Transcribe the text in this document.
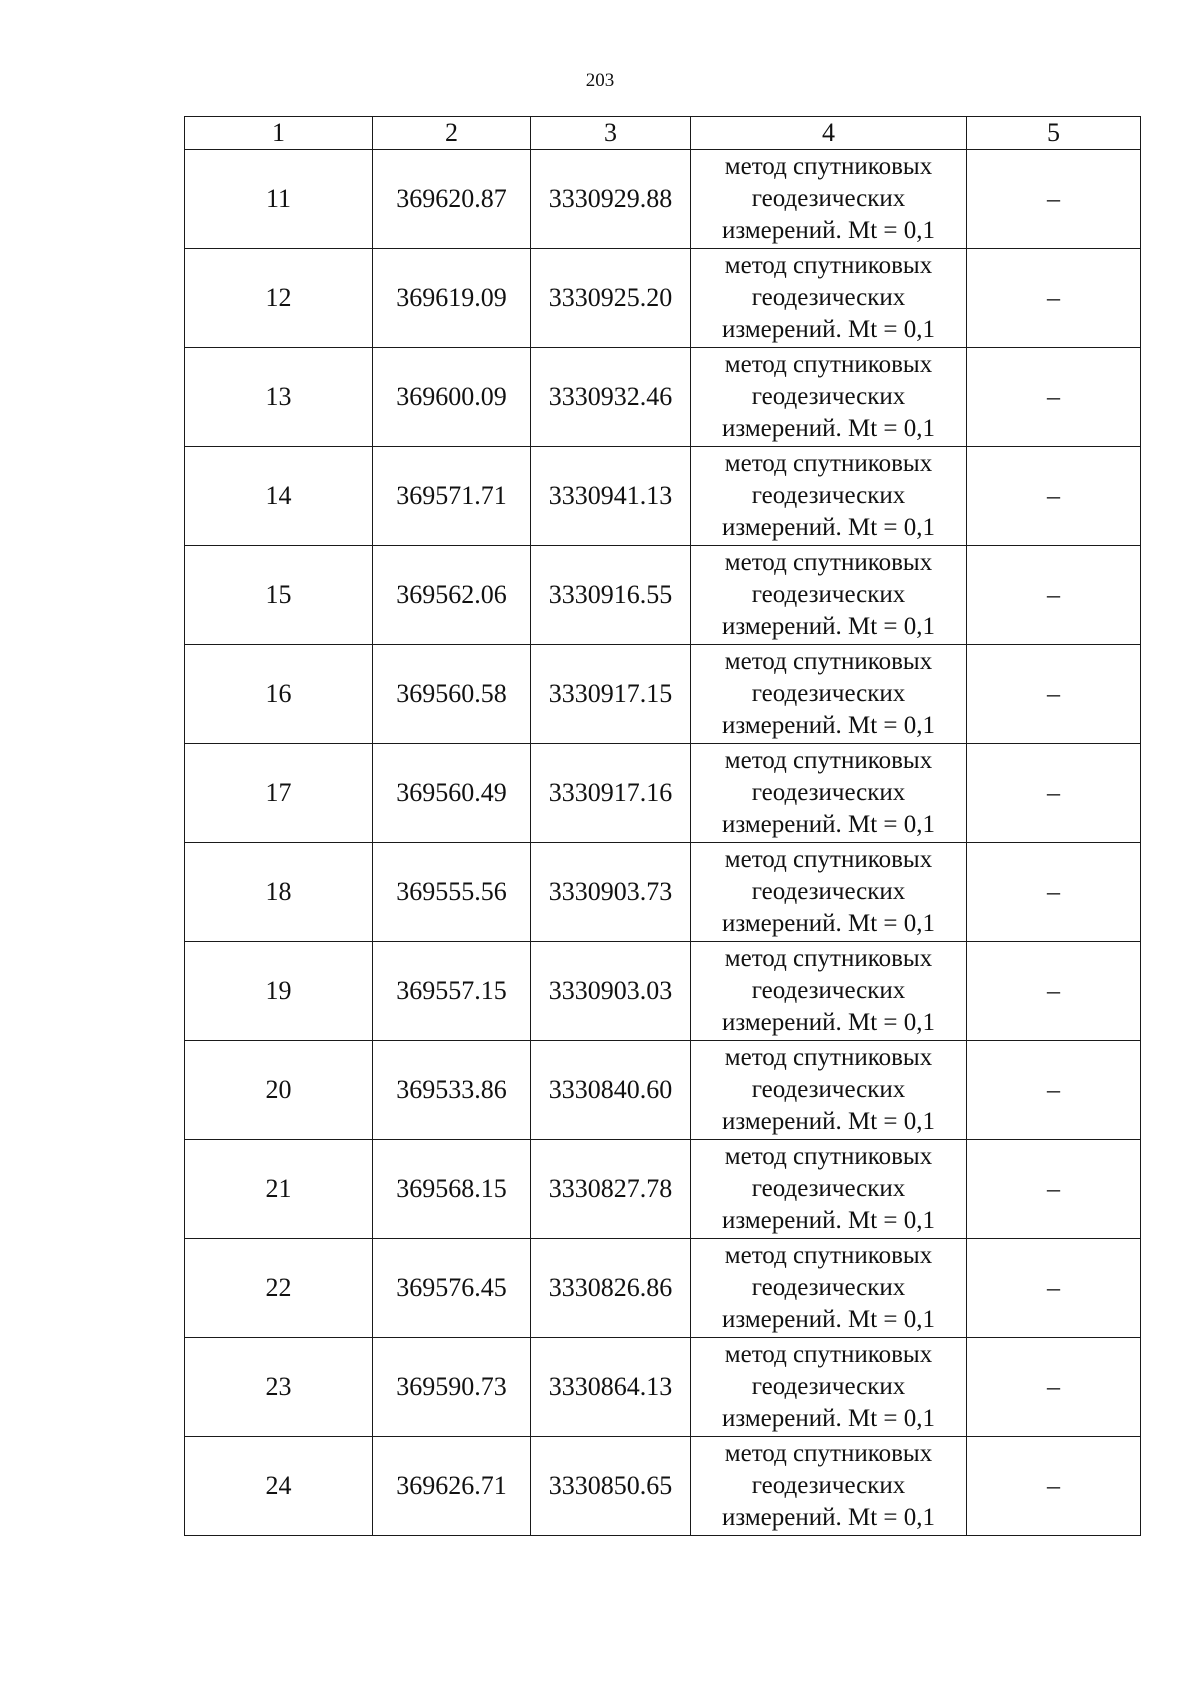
203
1	2	3	4	5
11	369620.87	3330929.88	метод спутниковых
геодезических
измерений. Mt = 0,1	–
12	369619.09	3330925.20	метод спутниковых
геодезических
измерений. Mt = 0,1	–
13	369600.09	3330932.46	метод спутниковых
геодезических
измерений. Mt = 0,1	–
14	369571.71	3330941.13	метод спутниковых
геодезических
измерений. Mt = 0,1	–
15	369562.06	3330916.55	метод спутниковых
геодезических
измерений. Mt = 0,1	–
16	369560.58	3330917.15	метод спутниковых
геодезических
измерений. Mt = 0,1	–
17	369560.49	3330917.16	метод спутниковых
геодезических
измерений. Mt = 0,1	–
18	369555.56	3330903.73	метод спутниковых
геодезических
измерений. Mt = 0,1	–
19	369557.15	3330903.03	метод спутниковых
геодезических
измерений. Mt = 0,1	–
20	369533.86	3330840.60	метод спутниковых
геодезических
измерений. Mt = 0,1	–
21	369568.15	3330827.78	метод спутниковых
геодезических
измерений. Mt = 0,1	–
22	369576.45	3330826.86	метод спутниковых
геодезических
измерений. Mt = 0,1	–
23	369590.73	3330864.13	метод спутниковых
геодезических
измерений. Mt = 0,1	–
24	369626.71	3330850.65	метод спутниковых
геодезических
измерений. Mt = 0,1	–
